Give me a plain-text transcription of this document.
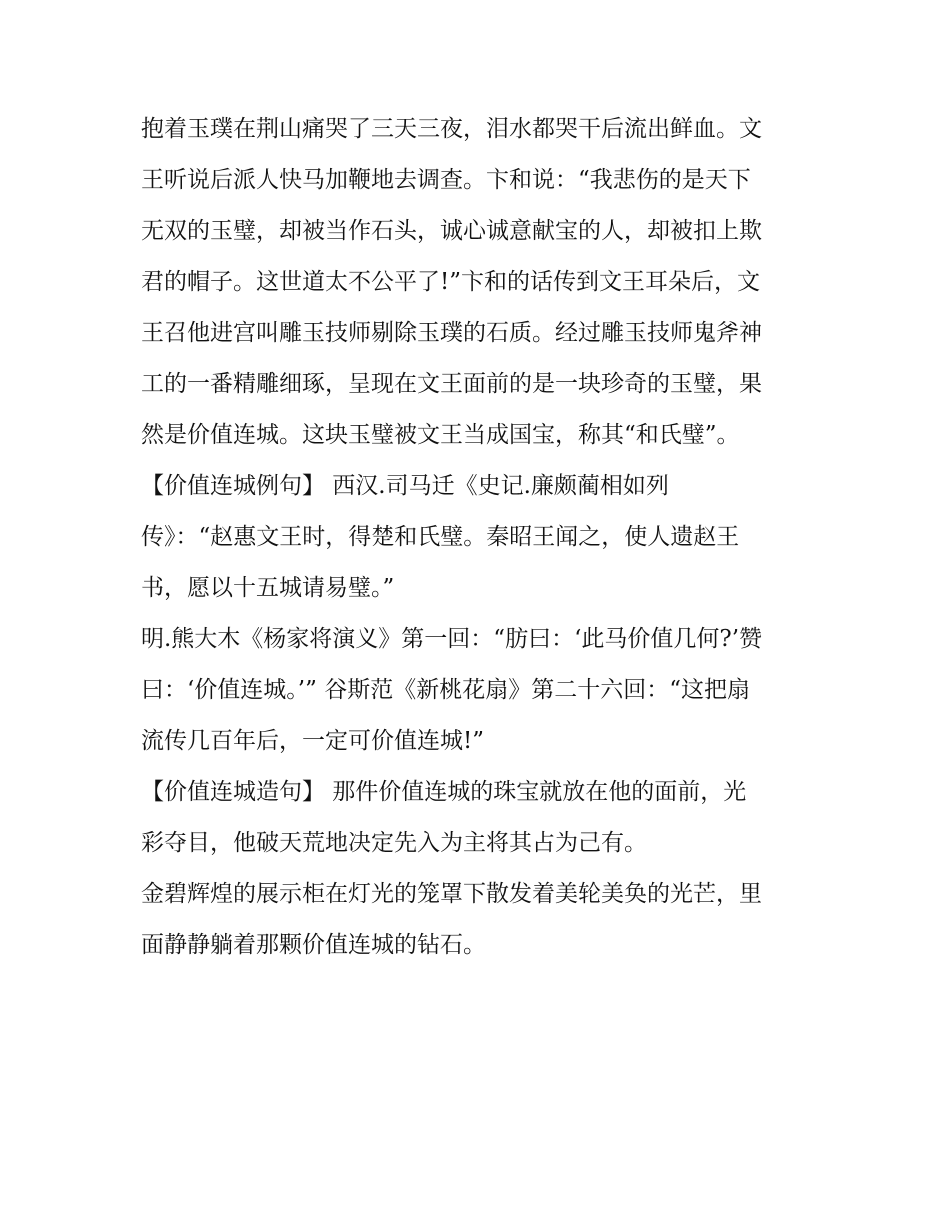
抱着玉璞在荆山痛哭了三天三夜，泪水都哭干后流出鲜血。文
王听说后派人快马加鞭地去调查。卞和说：“我悲伤的是天下
无双的玉璧，却被当作石头，诚心诚意献宝的人，却被扣上欺
君的帽子。这世道太不公平了!”卞和的话传到文王耳朵后，文
王召他进宫叫雕玉技师剔除玉璞的石质。经过雕玉技师鬼斧神
工的一番精雕细琢，呈现在文王面前的是一块珍奇的玉璧，果
然是价值连城。这块玉璧被文王当成国宝，称其“和氏璧”。
【价值连城例句】 西汉.司马迁《史记.廉颇蔺相如列
传》：“赵惠文王时，得楚和氏璧。秦昭王闻之，使人遗赵王
书，愿以十五城请易璧。”
明.熊大木《杨家将演义》第一回：“肪曰：‘此马价值几何?’赞
曰：‘价值连城。’” 谷斯范《新桃花扇》第二十六回：“这把扇
流传几百年后，一定可价值连城!”
【价值连城造句】 那件价值连城的珠宝就放在他的面前，光
彩夺目，他破天荒地决定先入为主将其占为己有。
金碧辉煌的展示柜在灯光的笼罩下散发着美轮美奂的光芒，里
面静静躺着那颗价值连城的钻石。
